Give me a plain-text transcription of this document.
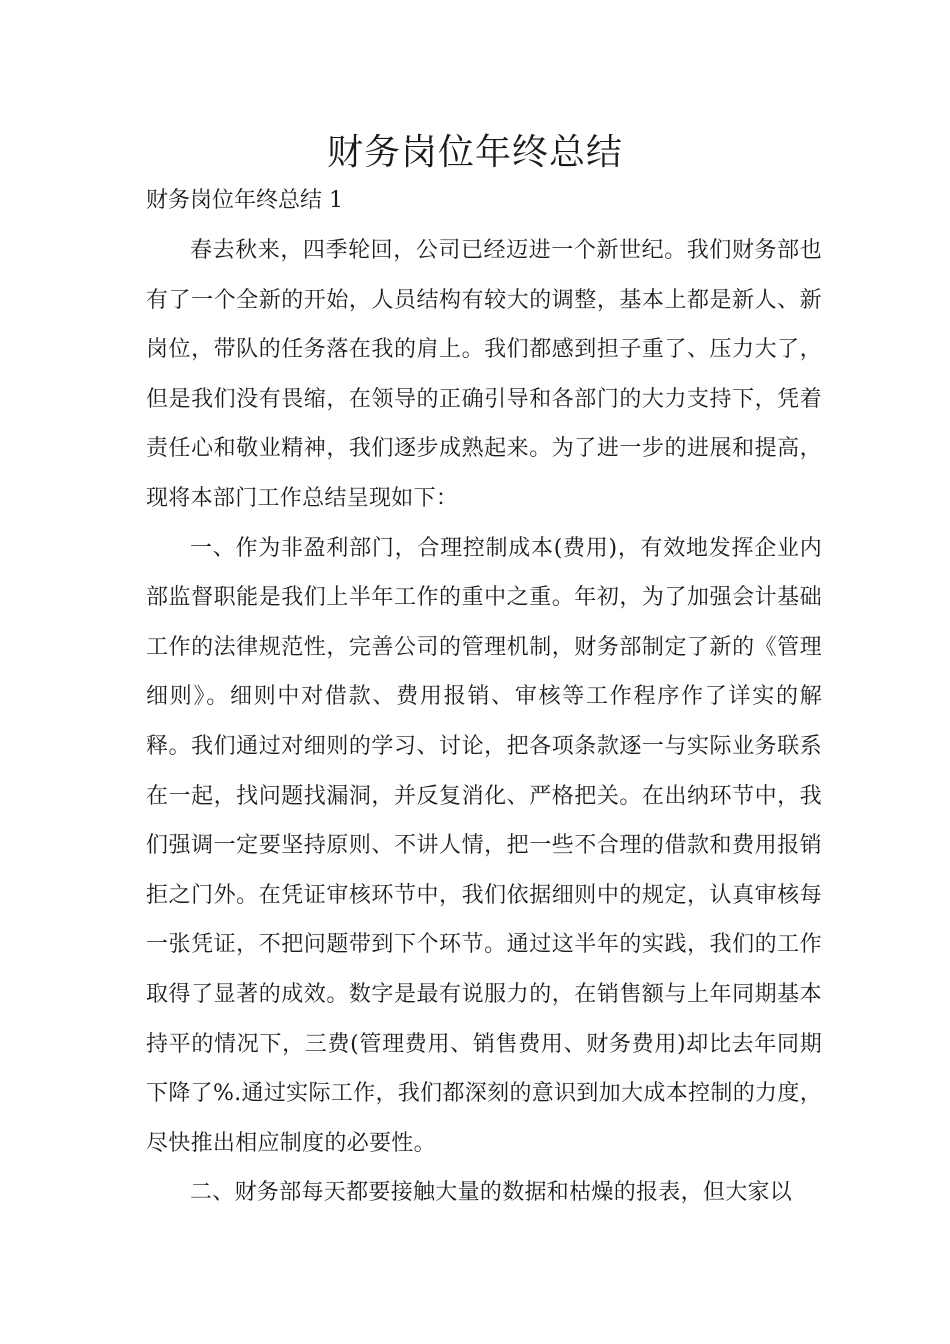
财务岗位年终总结

财务岗位年终总结 1

春去秋来，四季轮回，公司已经迈进一个新世纪。我们财务部也有了一个全新的开始，人员结构有较大的调整，基本上都是新人、新岗位，带队的任务落在我的肩上。我们都感到担子重了、压力大了，但是我们没有畏缩，在领导的正确引导和各部门的大力支持下，凭着责任心和敬业精神，我们逐步成熟起来。为了进一步的进展和提高，现将本部门工作总结呈现如下：

一、作为非盈利部门，合理控制成本(费用)，有效地发挥企业内部监督职能是我们上半年工作的重中之重。年初，为了加强会计基础工作的法律规范性，完善公司的管理机制，财务部制定了新的《管理细则》。细则中对借款、费用报销、审核等工作程序作了详实的解释。我们通过对细则的学习、讨论，把各项条款逐一与实际业务联系在一起，找问题找漏洞，并反复消化、严格把关。在出纳环节中，我们强调一定要坚持原则、不讲人情，把一些不合理的借款和费用报销拒之门外。在凭证审核环节中，我们依据细则中的规定，认真审核每一张凭证，不把问题带到下个环节。通过这半年的实践，我们的工作取得了显著的成效。数字是最有说服力的，在销售额与上年同期基本持平的情况下，三费(管理费用、销售费用、财务费用)却比去年同期下降了%.通过实际工作，我们都深刻的意识到加大成本控制的力度，尽快推出相应制度的必要性。

二、财务部每天都要接触大量的数据和枯燥的报表，但大家以
